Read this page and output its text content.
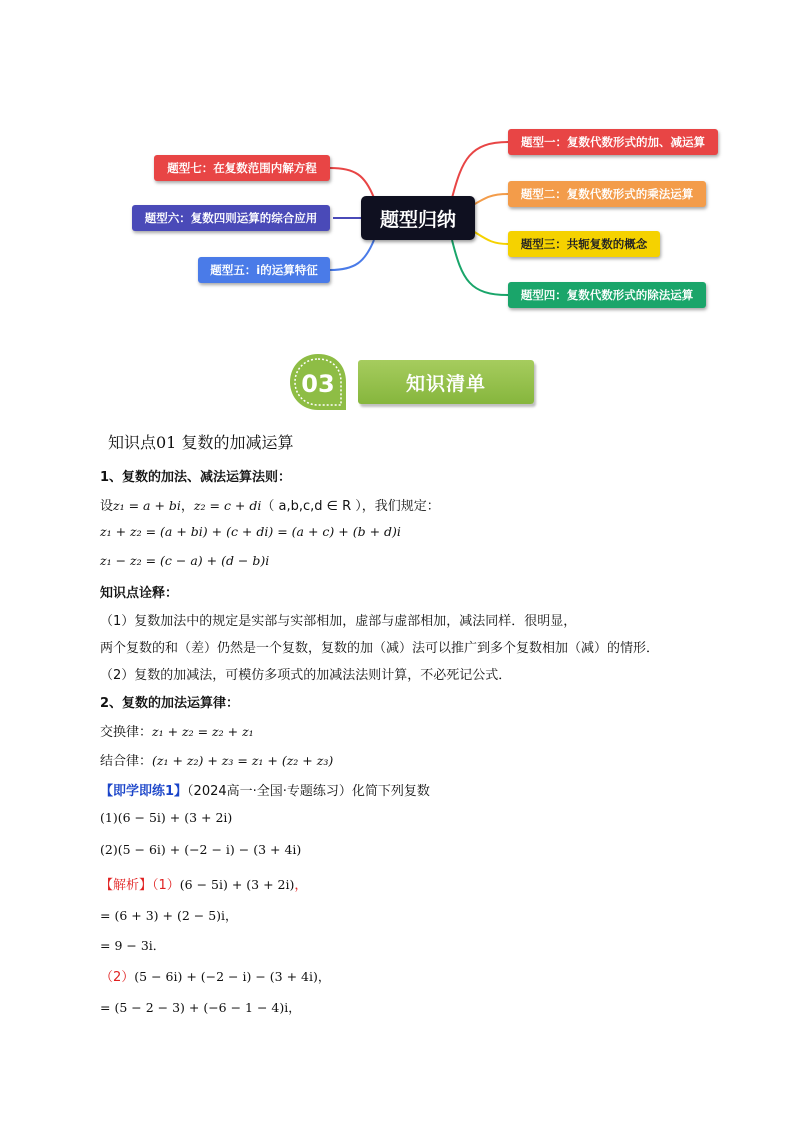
题型归纳
题型一：复数代数形式的加、减运算
题型二：复数代数形式的乘法运算
题型三：共轭复数的概念
题型四：复数代数形式的除法运算
题型七：在复数范围内解方程
题型六：复数四则运算的综合应用
题型五：i的运算特征
03	知识清单
知识点01 复数的加减运算
1、复数的加法、减法运算法则：
设z₁ = a + bi，z₂ = c + di（ a,b,c,d ∈ R ），我们规定：
z₁ + z₂ = (a + bi) + (c + di) = (a + c) + (b + d)i
z₁ − z₂ = (c − a) + (d − b)i
知识点诠释：
（1）复数加法中的规定是实部与实部相加，虚部与虚部相加，减法同样．很明显，
两个复数的和（差）仍然是一个复数，复数的加（减）法可以推广到多个复数相加（减）的情形．
（2）复数的加减法，可模仿多项式的加减法法则计算，不必死记公式．
2、复数的加法运算律：
交换律：z₁ + z₂ = z₂ + z₁
结合律：(z₁ + z₂) + z₃ = z₁ + (z₂ + z₃)
【即学即练1】（2024高一·全国·专题练习）化简下列复数
(1)(6 − 5i) + (3 + 2i)
(2)(5 − 6i) + (−2 − i) − (3 + 4i)
【解析】（1）(6 − 5i) + (3 + 2i)，
= (6 + 3) + (2 − 5)i，
= 9 − 3i．
（2）(5 − 6i) + (−2 − i) − (3 + 4i)，
= (5 − 2 − 3) + (−6 − 1 − 4)i，
